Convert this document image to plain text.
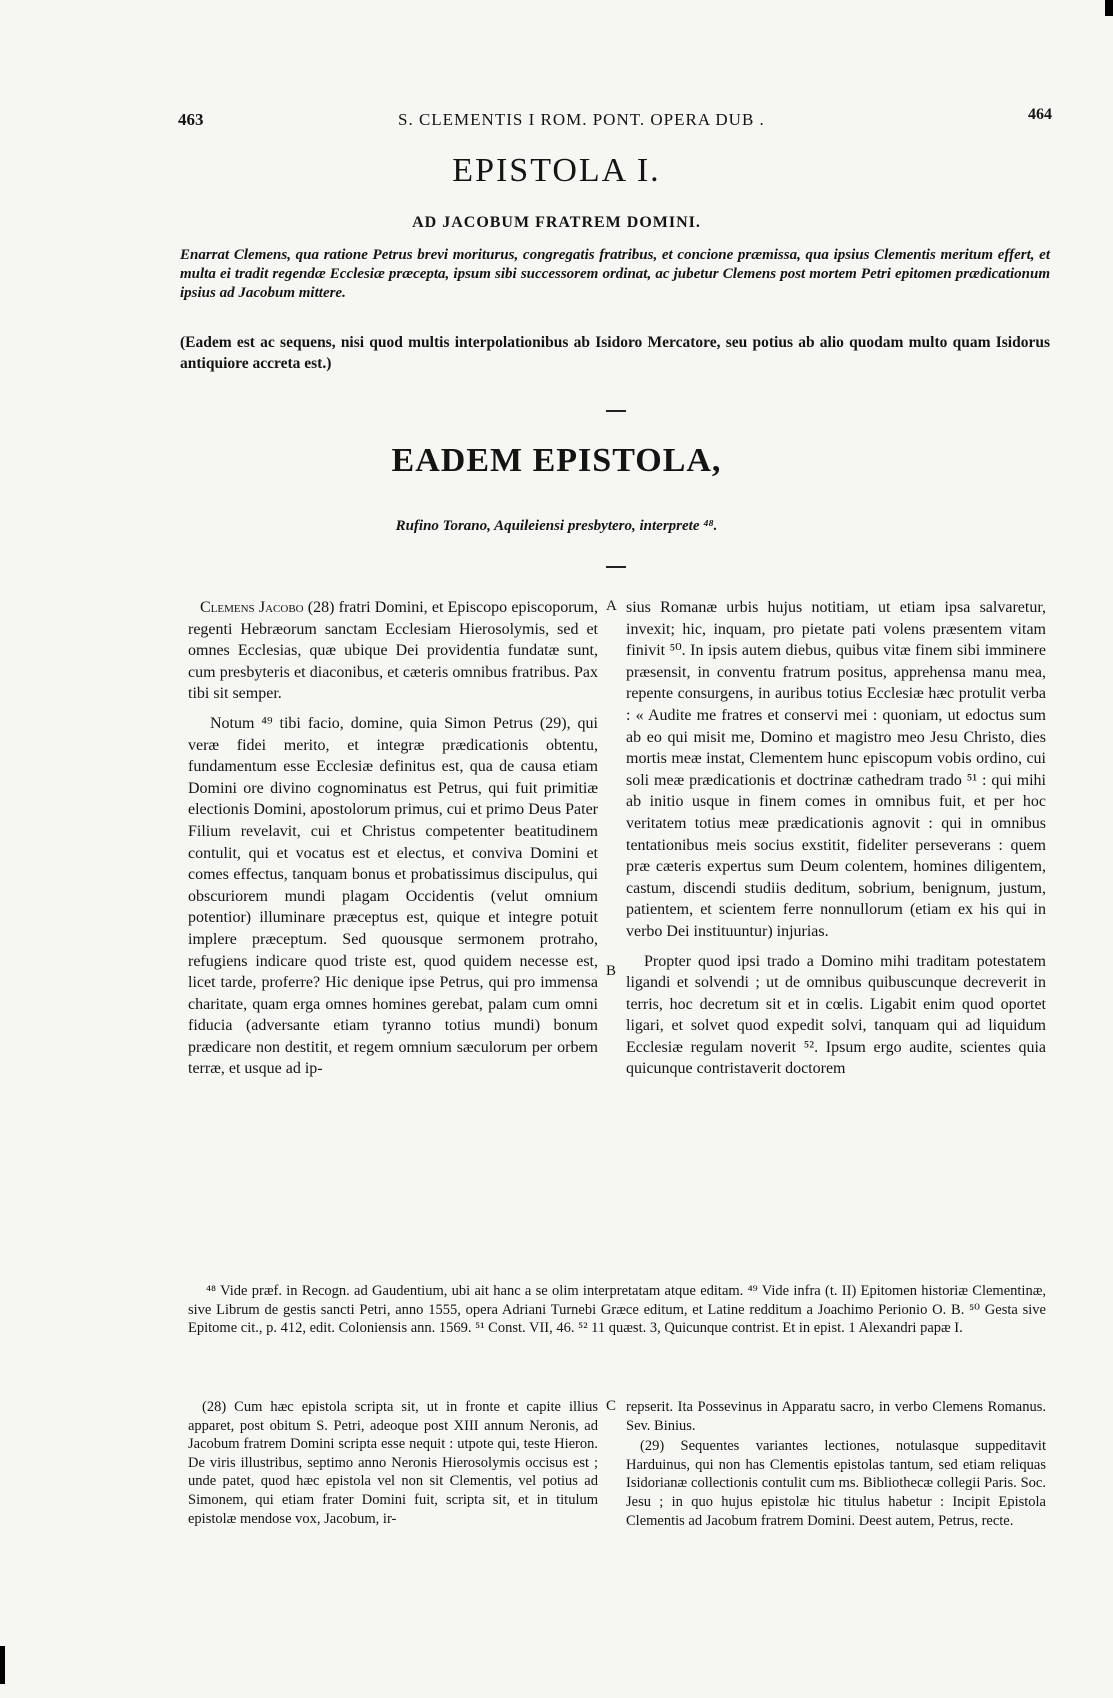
463	S. CLEMENTIS I ROM. PONT. OPERA DUB .	464
EPISTOLA I.
AD JACOBUM FRATREM DOMINI.
Enarrat Clemens, qua ratione Petrus brevi moriturus, congregatis fratribus, et concione præmissa, qua ipsius Clementis meritum effert, et multa ei tradit regendæ Ecclesiæ præcepta, ipsum sibi successorem ordinat, ac jubetur Clemens post mortem Petri epitomen prædicationum ipsius ad Jacobum mittere.
(Eadem est ac sequens, nisi quod multis interpolationibus ab Isidoro Mercatore, seu potius ab alio quodam multo quam Isidorus antiquiore accreta est.)
EADEM EPISTOLA,
Rufino Torano, Aquileiensi presbytero, interprete ⁴⁸.
A
B
C

Clemens Jacobo (28) fratri Domini, et Episcopo episcoporum, regenti Hebræorum sanctam Ecclesiam Hierosolymis, sed et omnes Ecclesias, quæ ubique Dei providentia fundatæ sunt, cum presbyteris et diaconibus, et cæteris omnibus fratribus. Pax tibi sit semper.

Notum ⁴⁹ tibi facio, domine, quia Simon Petrus (29), qui veræ fidei merito, et integræ prædicationis obtentu, fundamentum esse Ecclesiæ definitus est, qua de causa etiam Domini ore divino cognominatus est Petrus, qui fuit primitiæ electionis Domini, apostolorum primus, cui et primo Deus Pater Filium revelavit, cui et Christus competenter beatitudinem contulit, qui et vocatus est et electus, et conviva Domini et comes effectus, tanquam bonus et probatissimus discipulus, qui obscuriorem mundi plagam Occidentis (velut omnium potentior) illuminare præceptus est, quique et integre potuit implere præceptum. Sed quousque sermonem protraho, refugiens indicare quod triste est, quod quidem necesse est, licet tarde, proferre? Hic denique ipse Petrus, qui pro immensa charitate, quam erga omnes homines gerebat, palam cum omni fiducia (adversante etiam tyranno totius mundi) bonum prædicare non destitit, et regem omnium sæculorum per orbem terræ, et usque ad ip-

sius Romanæ urbis hujus notitiam, ut etiam ipsa salvaretur, invexit; hic, inquam, pro pietate pati volens præsentem vitam finivit ⁵⁰. In ipsis autem diebus, quibus vitæ finem sibi imminere præsensit, in conventu fratrum positus, apprehensa manu mea, repente consurgens, in auribus totius Ecclesiæ hæc protulit verba : « Audite me fratres et conservi mei : quoniam, ut edoctus sum ab eo qui misit me, Domino et magistro meo Jesu Christo, dies mortis meæ instat, Clementem hunc episcopum vobis ordino, cui soli meæ prædicationis et doctrinæ cathedram trado ⁵¹ : qui mihi ab initio usque in finem comes in omnibus fuit, et per hoc veritatem totius meæ prædicationis agnovit : qui in omnibus tentationibus meis socius exstitit, fideliter perseverans : quem præ cæteris expertus sum Deum colentem, homines diligentem, castum, discendi studiis deditum, sobrium, benignum, justum, patientem, et scientem ferre nonnullorum (etiam ex his qui in verbo Dei instituuntur) injurias.

Propter quod ipsi trado a Domino mihi traditam potestatem ligandi et solvendi ; ut de omnibus quibuscunque decreverit in terris, hoc decretum sit et in cœlis. Ligabit enim quod oportet ligari, et solvet quod expedit solvi, tanquam qui ad liquidum Ecclesiæ regulam noverit ⁵². Ipsum ergo audite, scientes quia quicunque contristaverit doctorem

⁴⁸ Vide præf. in Recogn. ad Gaudentium, ubi ait hanc a se olim interpretatam atque editam. ⁴⁹ Vide infra (t. II) Epitomen historiæ Clementinæ, sive Librum de gestis sancti Petri, anno 1555, opera Adriani Turnebi Græce editum, et Latine redditum a Joachimo Perionio O. B. ⁵⁰ Gesta sive Epitome cit., p. 412, edit. Coloniensis ann. 1569. ⁵¹ Const. VII, 46. ⁵² 11 quæst. 3, Quicunque contrist. Et in epist. 1 Alexandri papæ I.

(28) Cum hæc epistola scripta sit, ut in fronte et capite illius apparet, post obitum S. Petri, adeoque post XIII annum Neronis, ad Jacobum fratrem Domini scripta esse nequit : utpote qui, teste Hieron. De viris illustribus, septimo anno Neronis Hierosolymis occisus est ; unde patet, quod hæc epistola vel non sit Clementis, vel potius ad Simonem, qui etiam frater Domini fuit, scripta sit, et in titulum epistolæ mendose vox, Jacobum, ir-

repserit. Ita Possevinus in Apparatu sacro, in verbo Clemens Romanus. Sev. Binius.

(29) Sequentes variantes lectiones, notulasque suppeditavit Harduinus, qui non has Clementis epistolas tantum, sed etiam reliquas Isidorianæ collectionis contulit cum ms. Bibliothecæ collegii Paris. Soc. Jesu ; in quo hujus epistolæ hic titulus habetur : Incipit Epistola Clementis ad Jacobum fratrem Domini. Deest autem, Petrus, recte.
